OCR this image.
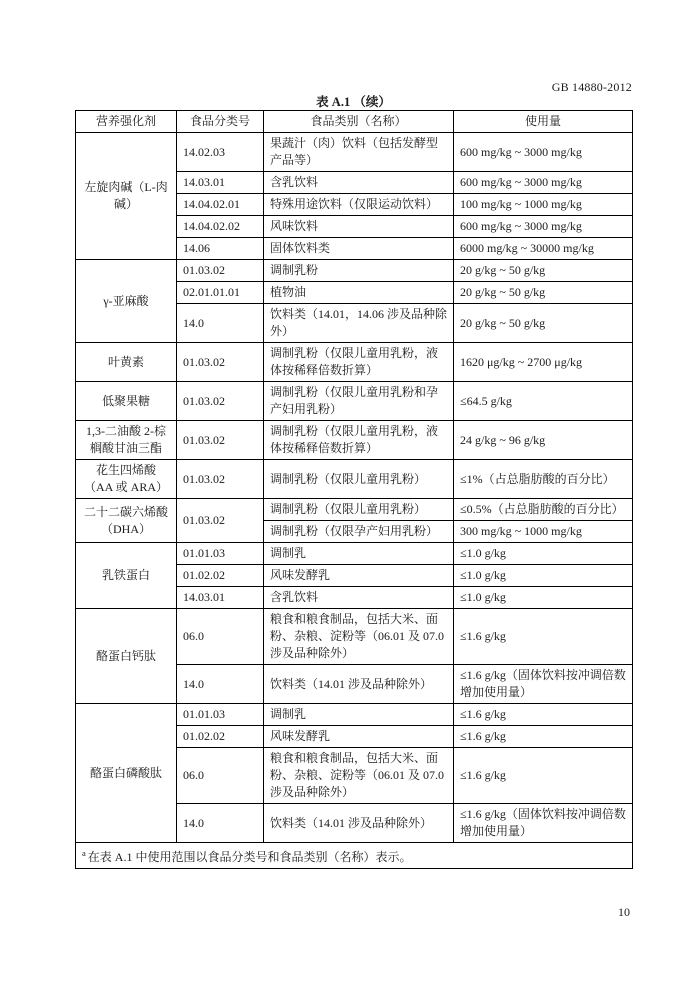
GB 14880-2012
表 A.1 （续）
营养强化剂	食品分类号	食品类别（名称）	使用量
左旋肉碱（L-肉碱）	14.02.03	果蔬汁（肉）饮料（包括发酵型产品等）	600 mg/kg ~ 3000 mg/kg
	14.03.01	含乳饮料	600 mg/kg ~ 3000 mg/kg
	14.04.02.01	特殊用途饮料（仅限运动饮料）	100 mg/kg ~ 1000 mg/kg
	14.04.02.02	风味饮料	600 mg/kg ~ 3000 mg/kg
	14.06	固体饮料类	6000 mg/kg ~ 30000 mg/kg
γ-亚麻酸	01.03.02	调制乳粉	20 g/kg ~ 50 g/kg
	02.01.01.01	植物油	20 g/kg ~ 50 g/kg
	14.0	饮料类（14.01，14.06 涉及品种除外）	20 g/kg ~ 50 g/kg
叶黄素	01.03.02	调制乳粉（仅限儿童用乳粉，液体按稀释倍数折算）	1620 μg/kg ~ 2700 μg/kg
低聚果糖	01.03.02	调制乳粉（仅限儿童用乳粉和孕产妇用乳粉）	≤64.5 g/kg
1,3-二油酸 2-棕榈酸甘油三酯	01.03.02	调制乳粉（仅限儿童用乳粉，液体按稀释倍数折算）	24 g/kg ~ 96 g/kg
花生四烯酸（AA 或 ARA）	01.03.02	调制乳粉（仅限儿童用乳粉）	≤1%（占总脂肪酸的百分比）
二十二碳六烯酸（DHA）	01.03.02	调制乳粉（仅限儿童用乳粉）	≤0.5%（占总脂肪酸的百分比）
		调制乳粉（仅限孕产妇用乳粉）	300 mg/kg ~ 1000 mg/kg
乳铁蛋白	01.01.03	调制乳	≤1.0 g/kg
	01.02.02	风味发酵乳	≤1.0 g/kg
	14.03.01	含乳饮料	≤1.0 g/kg
酪蛋白钙肽	06.0	粮食和粮食制品，包括大米、面粉、杂粮、淀粉等（06.01 及 07.0 涉及品种除外）	≤1.6 g/kg
	14.0	饮料类（14.01 涉及品种除外）	≤1.6 g/kg（固体饮料按冲调倍数增加使用量）
酪蛋白磷酸肽	01.01.03	调制乳	≤1.6 g/kg
	01.02.02	风味发酵乳	≤1.6 g/kg
	06.0	粮食和粮食制品，包括大米、面粉、杂粮、淀粉等（06.01 及 07.0 涉及品种除外）	≤1.6 g/kg
	14.0	饮料类（14.01 涉及品种除外）	≤1.6 g/kg（固体饮料按冲调倍数增加使用量）
$^a$ 在表 A.1 中使用范围以食品分类号和食品类别（名称）表示。			
10
